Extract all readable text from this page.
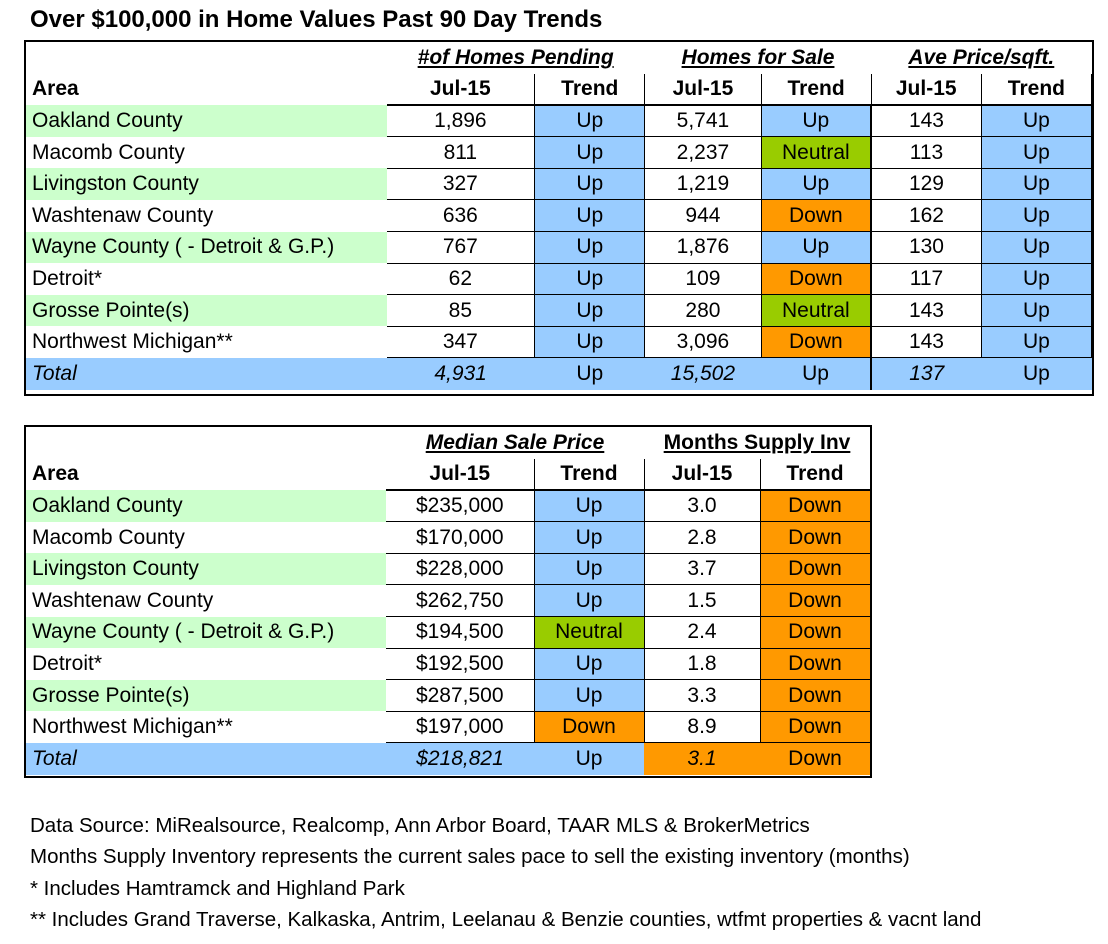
Over $100,000 in Home Values Past 90 Day Trends
	#of Homes Pending		Homes for Sale		Ave Price/sqft.	
Area	Jul-15	Trend	Jul-15	Trend	Jul-15	Trend
Oakland County	1,896	Up	5,741	Up	143	Up
Macomb County	811	Up	2,237	Neutral	113	Up
Livingston County	327	Up	1,219	Up	129	Up
Washtenaw County	636	Up	944	Down	162	Up
Wayne County ( - Detroit & G.P.)	767	Up	1,876	Up	130	Up
Detroit*	62	Up	109	Down	117	Up
Grosse Pointe(s)	85	Up	280	Neutral	143	Up
Northwest Michigan**	347	Up	3,096	Down	143	Up
Total	4,931	Up	15,502	Up	137	Up
	Median Sale Price		Months Supply Inv	
Area	Jul-15	Trend	Jul-15	Trend
Oakland County	$235,000	Up	3.0	Down
Macomb County	$170,000	Up	2.8	Down
Livingston County	$228,000	Up	3.7	Down
Washtenaw County	$262,750	Up	1.5	Down
Wayne County ( - Detroit & G.P.)	$194,500	Neutral	2.4	Down
Detroit*	$192,500	Up	1.8	Down
Grosse Pointe(s)	$287,500	Up	3.3	Down
Northwest Michigan**	$197,000	Down	8.9	Down
Total	$218,821	Up	3.1	Down
Data Source: MiRealsource, Realcomp, Ann Arbor Board, TAAR MLS & BrokerMetrics
Months Supply Inventory represents the current sales pace to sell the existing inventory (months)
* Includes Hamtramck and Highland Park
** Includes Grand Traverse, Kalkaska, Antrim, Leelanau & Benzie counties, wtfmt properties & vacnt land
